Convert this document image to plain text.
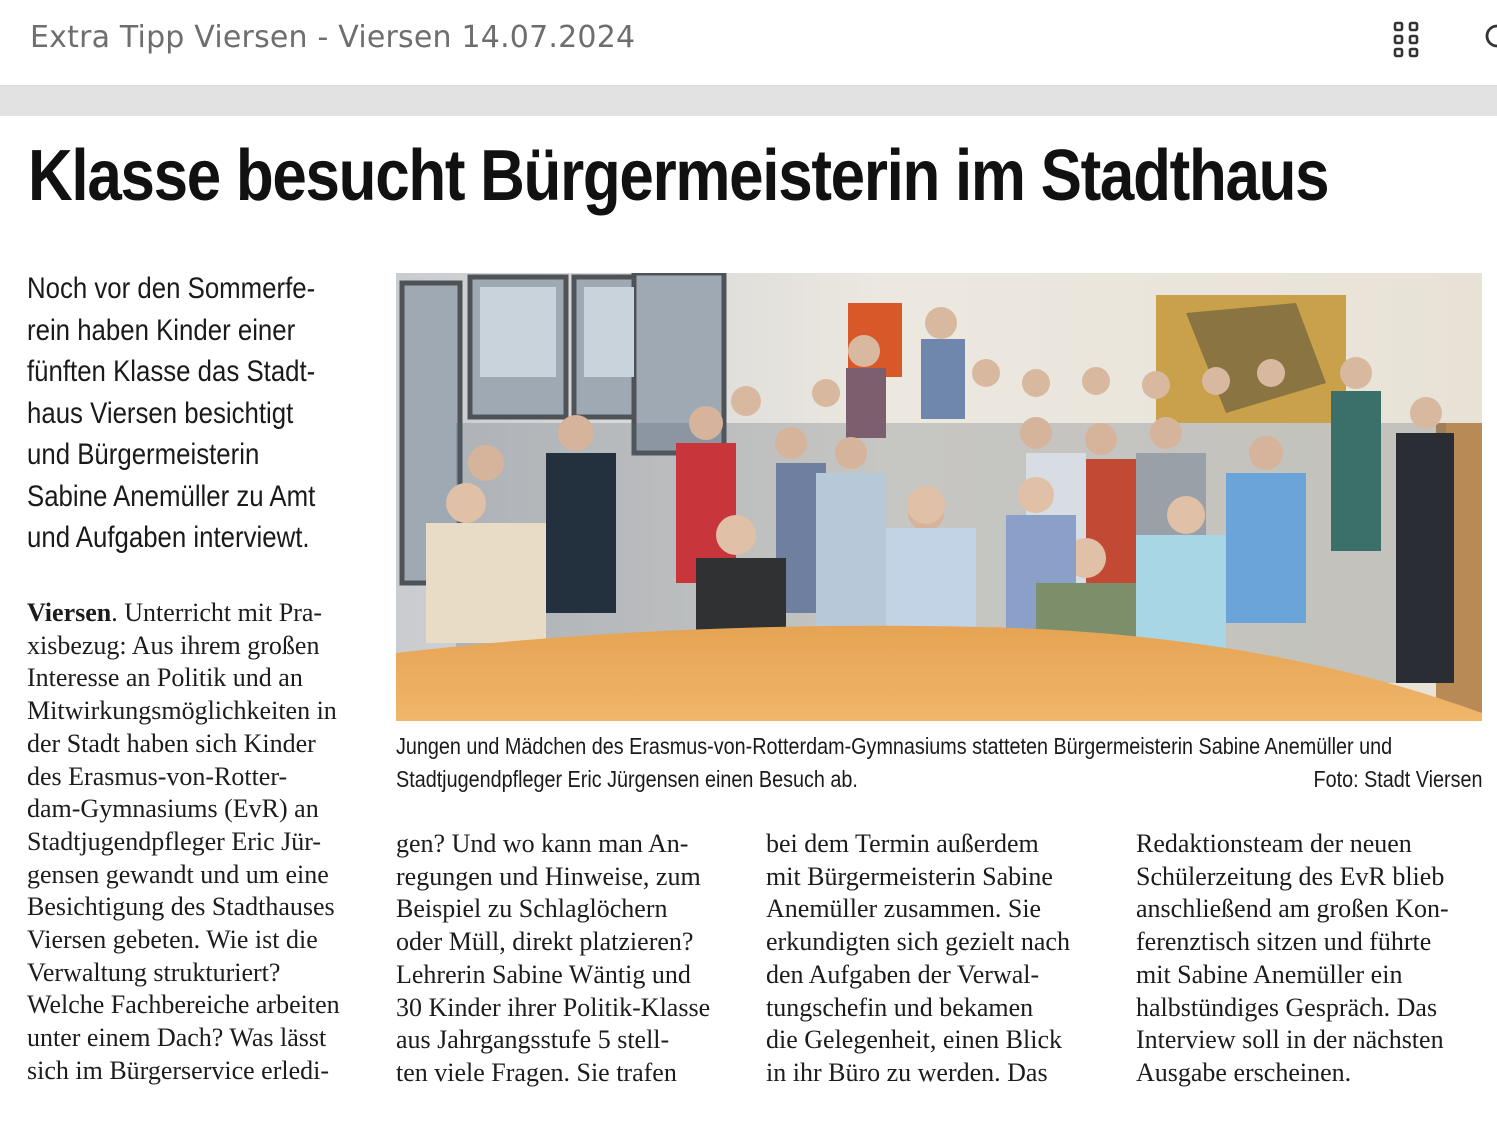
Extra Tipp Viersen - Viersen 14.07.2024
Klasse besucht Bürgermeisterin im Stadthaus
Noch vor den Sommerfe-
rein haben Kinder einer
fünften Klasse das Stadt-
haus Viersen besichtigt
und Bürgermeisterin
Sabine Anemüller zu Amt
und Aufgaben interviewt.
Jungen und Mädchen des Erasmus-von-Rotterdam-Gymnasiums statteten Bürgermeisterin Sabine Anemüller und
Stadtjugendpfleger Eric Jürgensen einen Besuch ab.	Foto: Stadt Viersen
Viersen. Unterricht mit Pra-
xisbezug: Aus ihrem großen
Interesse an Politik und an
Mitwirkungsmöglichkeiten in
der Stadt haben sich Kinder
des Erasmus-von-Rotter-
dam-Gymnasiums (EvR) an
Stadtjugendpfleger Eric Jür-
gensen gewandt und um eine
Besichtigung des Stadthauses
Viersen gebeten. Wie ist die
Verwaltung strukturiert?
Welche Fachbereiche arbeiten
unter einem Dach? Was lässt
sich im Bürgerservice erledi-
gen? Und wo kann man An-
regungen und Hinweise, zum
Beispiel zu Schlaglöchern
oder Müll, direkt platzieren?
Lehrerin Sabine Wäntig und
30 Kinder ihrer Politik-Klasse
aus Jahrgangsstufe 5 stell-
ten viele Fragen. Sie trafen
bei dem Termin außerdem
mit Bürgermeisterin Sabine
Anemüller zusammen. Sie
erkundigten sich gezielt nach
den Aufgaben der Verwal-
tungschefin und bekamen
die Gelegenheit, einen Blick
in ihr Büro zu werden. Das
Redaktionsteam der neuen
Schülerzeitung des EvR blieb
anschließend am großen Kon-
ferenztisch sitzen und führte
mit Sabine Anemüller ein
halbstündiges Gespräch. Das
Interview soll in der nächsten
Ausgabe erscheinen.
